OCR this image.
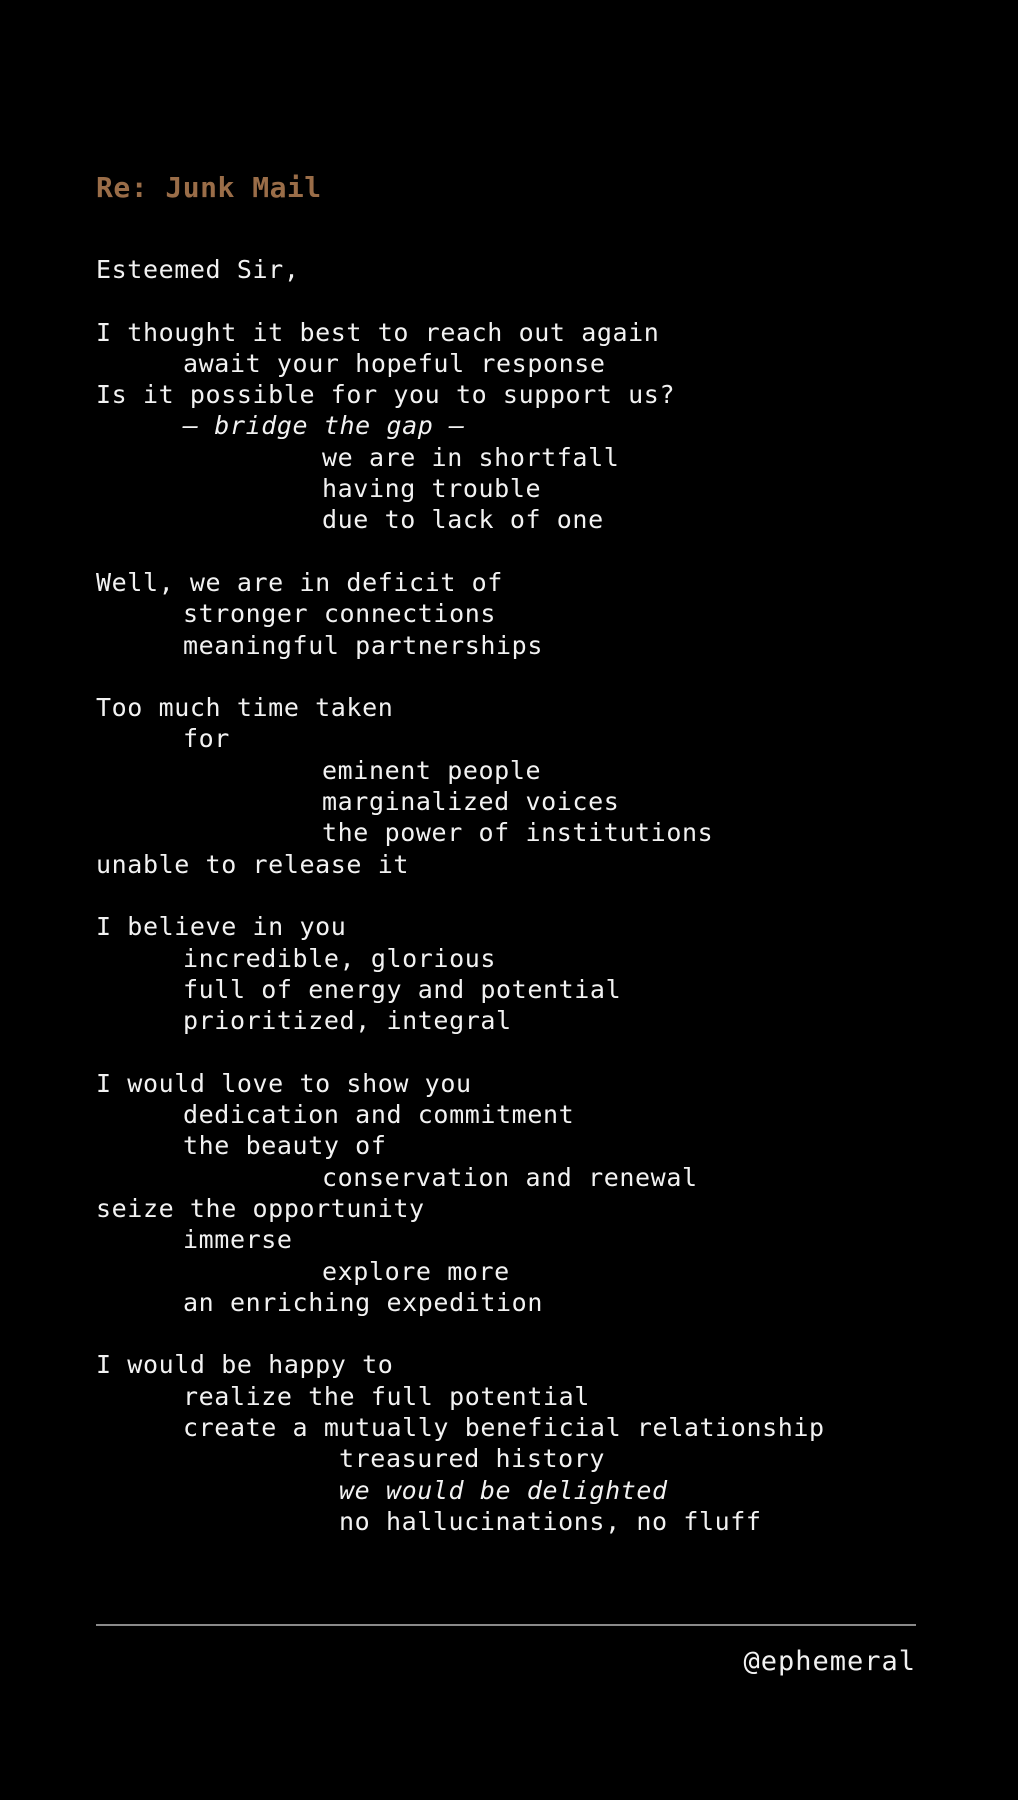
Re: Junk Mail
Esteemed Sir,
I thought it best to reach out again
await your hopeful response
Is it possible for you to support us?
– bridge the gap –
we are in shortfall
having trouble
due to lack of one
Well, we are in deficit of
stronger connections
meaningful partnerships
Too much time taken
for
eminent people
marginalized voices
the power of institutions
unable to release it
I believe in you
incredible, glorious
full of energy and potential
prioritized, integral
I would love to show you
dedication and commitment
the beauty of
conservation and renewal
seize the opportunity
immerse
explore more
an enriching expedition
I would be happy to
realize the full potential
create a mutually beneficial relationship
treasured history
we would be delighted
no hallucinations, no fluff
@ephemeral
